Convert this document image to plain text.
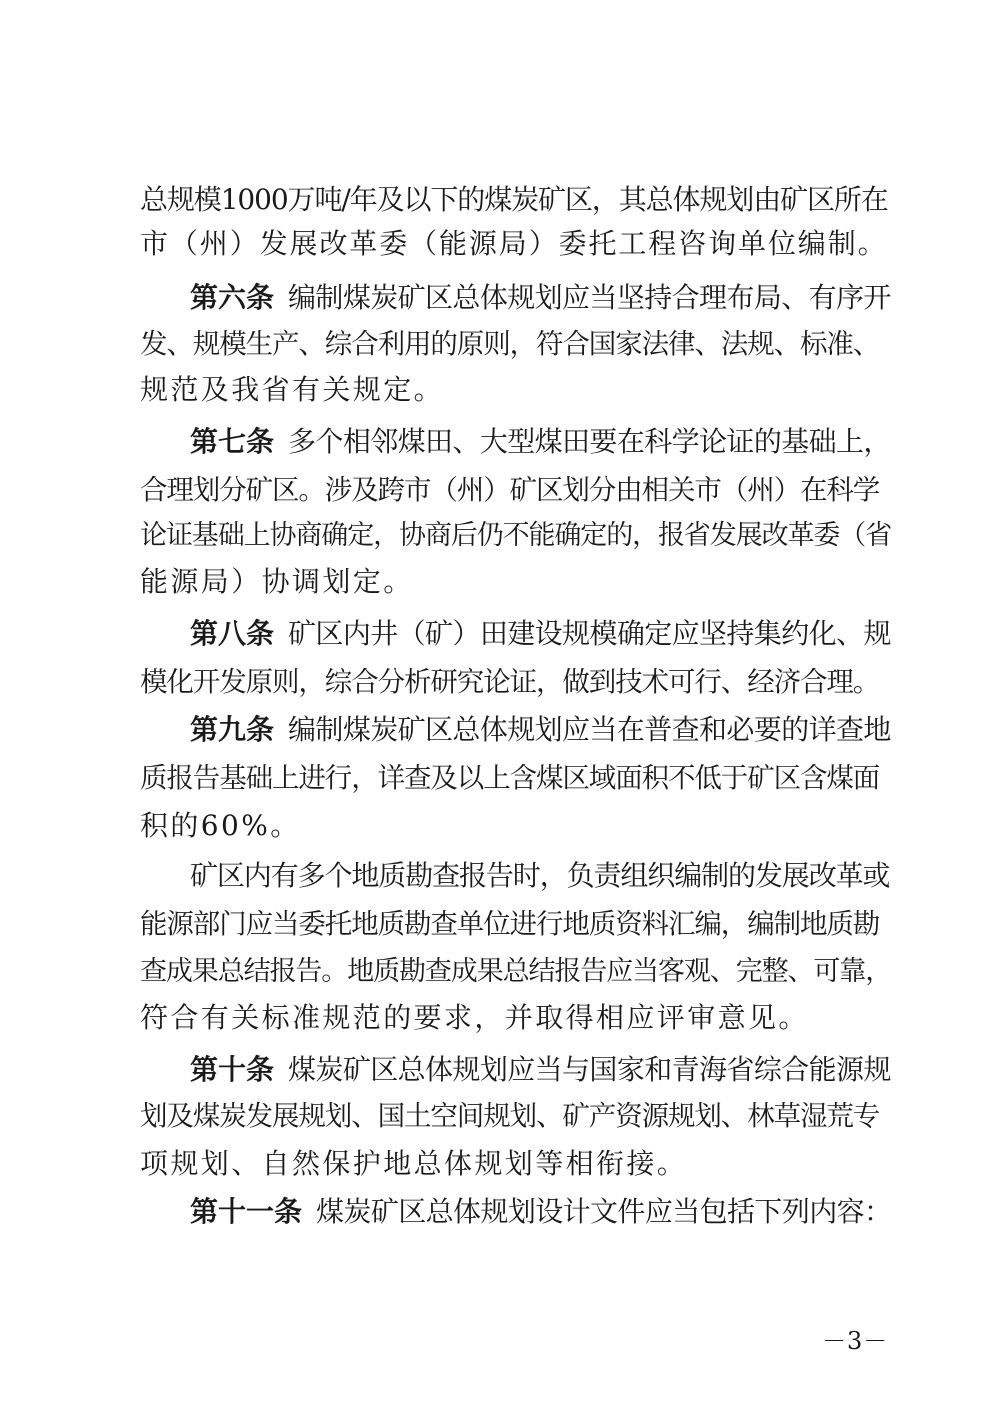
总规模1000万吨/年及以下的煤炭矿区，其总体规划由矿区所在
市（州）发展改革委（能源局）委托工程咨询单位编制。
第六条 编制煤炭矿区总体规划应当坚持合理布局、有序开
发、规模生产、综合利用的原则，符合国家法律、法规、标准、
规范及我省有关规定。
第七条 多个相邻煤田、大型煤田要在科学论证的基础上，
合理划分矿区。涉及跨市（州）矿区划分由相关市（州）在科学
论证基础上协商确定，协商后仍不能确定的，报省发展改革委（省
能源局）协调划定。
第八条 矿区内井（矿）田建设规模确定应坚持集约化、规
模化开发原则，综合分析研究论证，做到技术可行、经济合理。
第九条 编制煤炭矿区总体规划应当在普查和必要的详查地
质报告基础上进行，详查及以上含煤区域面积不低于矿区含煤面
积的60%。
矿区内有多个地质勘查报告时，负责组织编制的发展改革或
能源部门应当委托地质勘查单位进行地质资料汇编，编制地质勘
查成果总结报告。地质勘查成果总结报告应当客观、完整、可靠，
符合有关标准规范的要求，并取得相应评审意见。
第十条 煤炭矿区总体规划应当与国家和青海省综合能源规
划及煤炭发展规划、国土空间规划、矿产资源规划、林草湿荒专
项规划、自然保护地总体规划等相衔接。
第十一条 煤炭矿区总体规划设计文件应当包括下列内容：
－3－
